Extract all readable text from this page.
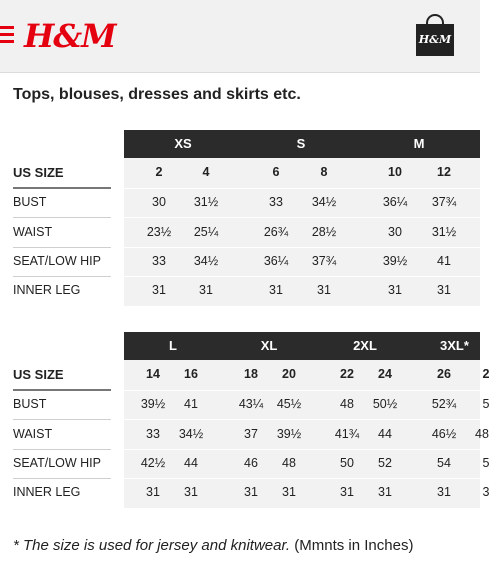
H&M	H&M
Tops, blouses, dresses and skirts etc.
XS	S	M
US SIZE	2	4	6	8	10	12
BUST	30	31½	33	34½	36¼	37¾
WAIST	23½	25¼	26¾	28½	30	31½
SEAT/LOW HIP	33	34½	36¼	37¾	39½	41
INNER LEG	31	31	31	31	31	31
L	XL	2XL	3XL*
US SIZE	14	16	18	20	22	24	26	2
BUST	39½	41	43¼	45½	48	50½	52¾	5
WAIST	33	34½	37	39½	41¾	44	46½	48
SEAT/LOW HIP	42½	44	46	48	50	52	54	5
INNER LEG	31	31	31	31	31	31	31	3
* The size is used for jersey and knitwear. (Mmnts in Inches)
